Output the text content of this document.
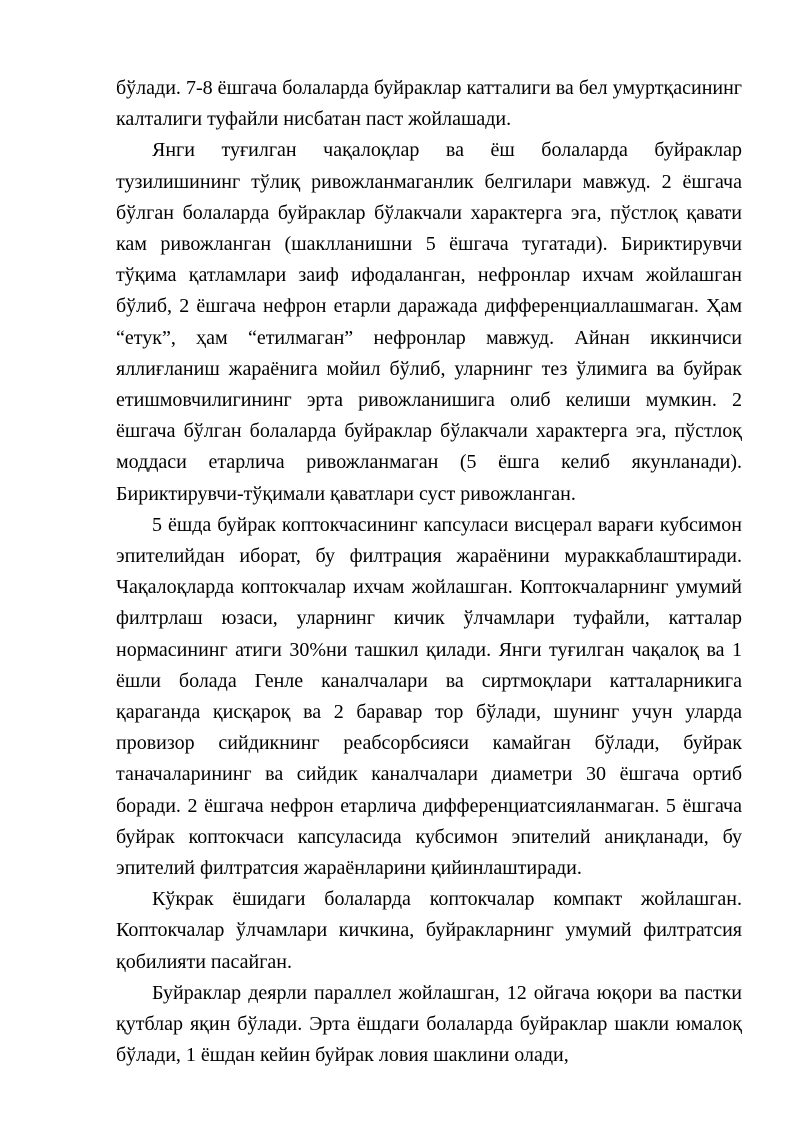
бўлади. 7-8 ёшгача болаларда буйраклар катталиги ва бел умуртқасининг калталиги туфайли нисбатан паст жойлашади.

Янги туғилган чақалоқлар ва ёш болаларда буйраклар тузилишининг тўлиқ ривожланмаганлик белгилари мавжуд. 2 ёшгача бўлган болаларда буйраклар бўлакчали характерга эга, пўстлоқ қавати кам ривожланган (шаклланишни 5 ёшгача тугатади). Бириктирувчи тўқима қатламлари заиф ифодаланган, нефронлар ихчам жойлашган бўлиб, 2 ёшгача нефрон етарли даражада дифференциаллашмаган. Ҳам “етук”, ҳам “етилмаган” нефронлар мавжуд. Айнан иккинчиси яллиғланиш жараёнига мойил бўлиб, уларнинг тез ўлимига ва буйрак етишмовчилигининг эрта ривожланишига олиб келиши мумкин. 2 ёшгача бўлган болаларда буйраклар бўлакчали характерга эга, пўстлоқ моддаси етарлича ривожланмаган (5 ёшга келиб якунланади). Бириктирувчи-тўқимали қаватлари суст ривожланган.

5 ёшда буйрак коптокчасининг капсуласи висцерал варағи кубсимон эпителийдан иборат, бу филтрация жараёнини мураккаблаштиради. Чақалоқларда коптокчалар ихчам жойлашган. Коптокчаларнинг умумий филтрлаш юзаси, уларнинг кичик ўлчамлари туфайли, катталар нормасининг атиги 30%ни ташкил қилади. Янги туғилган чақалоқ ва 1 ёшли болада Генле каналчалари ва сиртмоқлари катталарникига қараганда қисқароқ ва 2 баравар тор бўлади, шунинг учун уларда провизор сийдикнинг реабсорбсияси камайган бўлади, буйрак таначаларининг ва сийдик каналчалари диаметри 30 ёшгача ортиб боради. 2 ёшгача нефрон етарлича дифференциатсияланмаган. 5 ёшгача буйрак коптокчаси капсуласида кубсимон эпителий аниқланади, бу эпителий филтратсия жараёнларини қийинлаштиради.

Кўкрак ёшидаги болаларда коптокчалар компакт жойлашган. Коптокчалар ўлчамлари кичкина, буйракларнинг умумий филтратсия қобилияти пасайган.

Буйраклар деярли параллел жойлашган, 12 ойгача юқори ва пастки қутблар яқин бўлади. Эрта ёшдаги болаларда буйраклар шакли юмалоқ бўлади, 1 ёшдан кейин буйрак ловия шаклини олади,
